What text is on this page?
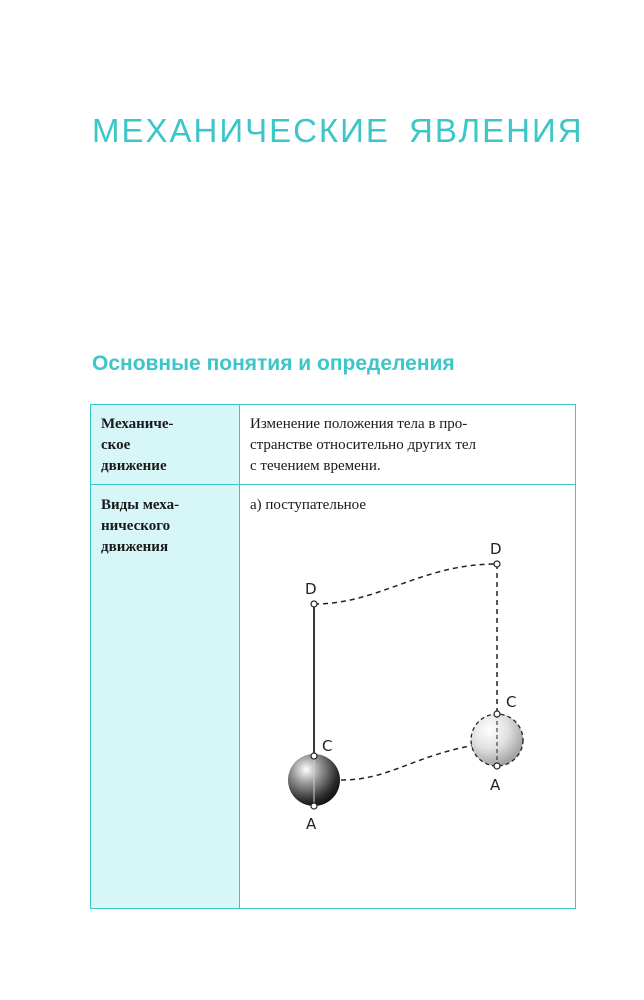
МЕХАНИЧЕСКИЕ ЯВЛЕНИЯ
Основные понятия и определения
Механиче-
ское
движение
Изменение положения тела в про-
странстве относительно других тел
с течением времени.
Виды меха-
нического
движения
а) поступательное
D
C
A
D
C
A
